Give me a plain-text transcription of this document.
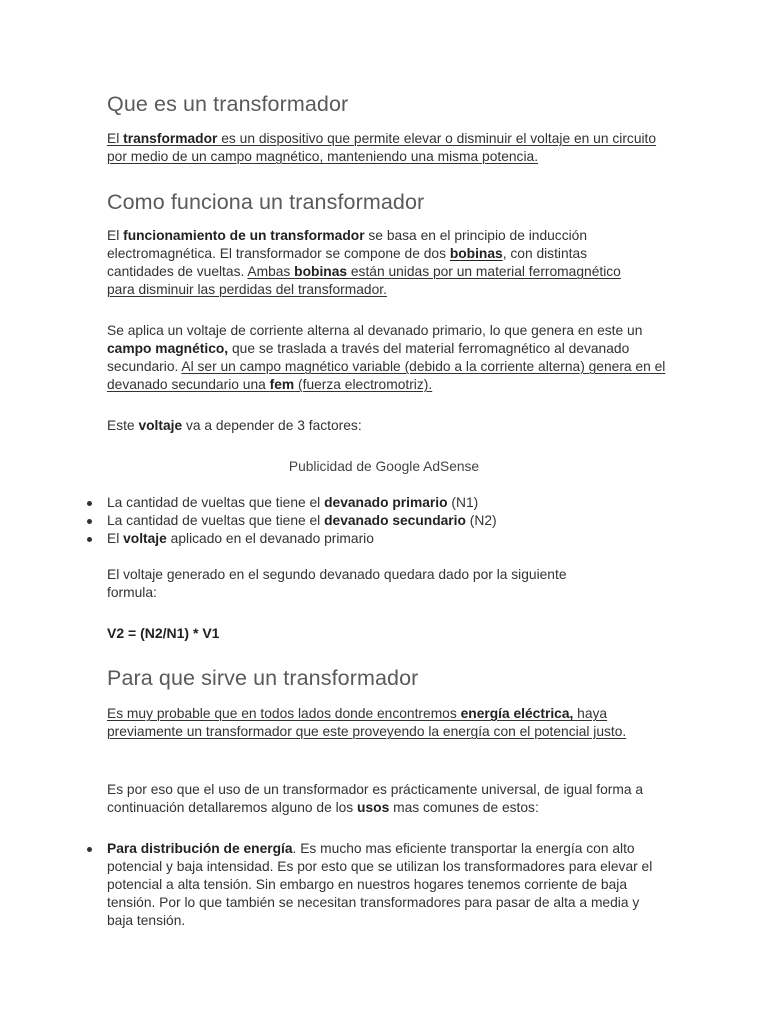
Que es un transformador

El transformador es un dispositivo que permite elevar o disminuir el voltaje en un circuito por medio de un campo magnético, manteniendo una misma potencia.

Como funciona un transformador

El funcionamiento de un transformador se basa en el principio de inducción electromagnética. El transformador se compone de dos bobinas, con distintas cantidades de vueltas. Ambas bobinas están unidas por un material ferromagnético para disminuir las perdidas del transformador.

Se aplica un voltaje de corriente alterna al devanado primario, lo que genera en este un campo magnético, que se traslada a través del material ferromagnético al devanado secundario. Al ser un campo magnético variable (debido a la corriente alterna) genera en el devanado secundario una fem (fuerza electromotriz).

Este voltaje va a depender de 3 factores:

Publicidad de Google AdSense

La cantidad de vueltas que tiene el devanado primario (N1)
La cantidad de vueltas que tiene el devanado secundario (N2)
El voltaje aplicado en el devanado primario

El voltaje generado en el segundo devanado quedara dado por la siguiente formula:

V2 = (N2/N1) * V1

Para que sirve un transformador

Es muy probable que en todos lados donde encontremos energía eléctrica, haya previamente un transformador que este proveyendo la energía con el potencial justo.

Es por eso que el uso de un transformador es prácticamente universal, de igual forma a continuación detallaremos alguno de los usos mas comunes de estos:

Para distribución de energía. Es mucho mas eficiente transportar la energía con alto potencial y baja intensidad. Es por esto que se utilizan los transformadores para elevar el potencial a alta tensión. Sin embargo en nuestros hogares tenemos corriente de baja tensión. Por lo que también se necesitan transformadores para pasar de alta a media y baja tensión.
